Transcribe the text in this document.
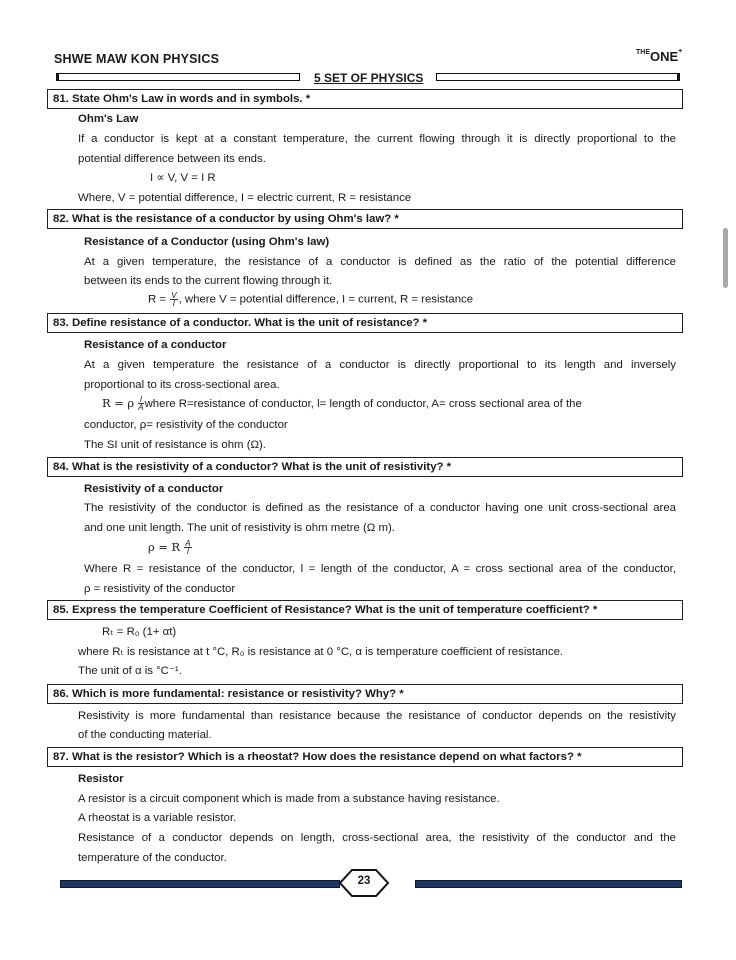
SHWE MAW KON PHYSICS	$^{THE}$ONE+
5 SET OF PHYSICS
81. State Ohm's Law in words and in symbols. *
Ohm's Law
If a conductor is kept at a constant temperature, the current flowing through it is directly proportional to the
potential difference between its ends.
I ∝ V, V = I R
Where, V = potential difference, I = electric current, R = resistance
82. What is the resistance of a conductor by using Ohm's law? *
Resistance of a Conductor (using Ohm's law)
At a given temperature, the resistance of a conductor is defined as the ratio of the potential difference
between its ends to the current flowing through it.
$R = \frac{V}{I}$ , where V = potential difference, I = current, R = resistance
83. Define resistance of a conductor. What is the unit of resistance? *
Resistance of a conductor
At a given temperature the resistance of a conductor is directly proportional to its length and inversely
proportional to its cross-sectional area.
R = ρ $\frac{l}{A}$ where R=resistance of conductor, l= length of conductor, A= cross sectional area of the
conductor, ρ= resistivity of the conductor
The SI unit of resistance is ohm (Ω).
84. What is the resistivity of a conductor? What is the unit of resistivity? *
Resistivity of a conductor
The resistivity of the conductor is defined as the resistance of a conductor having one unit cross-sectional area
and one unit length. The unit of resistivity is ohm metre (Ω m).
ρ = R $\frac{A}{l}$
Where R = resistance of the conductor, l = length of the conductor, A = cross sectional area of the conductor,
ρ = resistivity of the conductor
85. Express the temperature Coefficient of Resistance? What is the unit of temperature coefficient? *
Rₜ = R₀ (1+ αt)
where Rₜ is resistance at t °C, R₀ is resistance at 0 °C, α is temperature coefficient of resistance.
The unit of α is °C⁻¹.
86. Which is more fundamental: resistance or resistivity? Why? *
Resistivity is more fundamental than resistance because the resistance of conductor depends on the resistivity
of the conducting material.
87. What is the resistor? Which is a rheostat? How does the resistance depend on what factors? *
Resistor
A resistor is a circuit component which is made from a substance having resistance.
A rheostat is a variable resistor.
Resistance of a conductor depends on length, cross-sectional area, the resistivity of the conductor and the
temperature of the conductor.
23
